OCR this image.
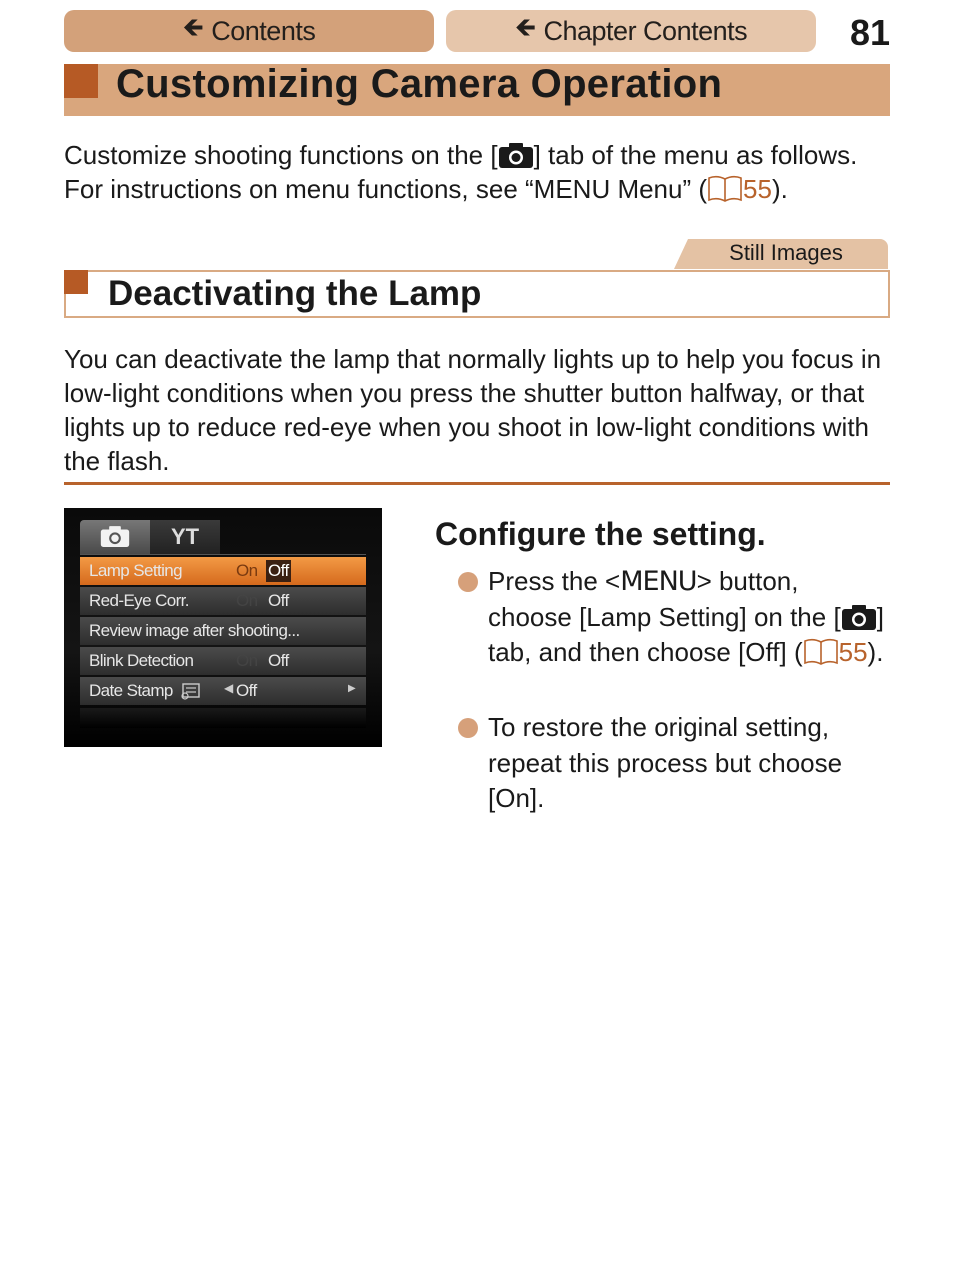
🡸 Contents	🡸 Chapter Contents	81
Customizing Camera Operation
Customize shooting functions on the [ ] tab of the menu as follows.
For instructions on menu functions, see “MENU Menu” ( 55).
Still Images
Deactivating the Lamp
You can deactivate the lamp that normally lights up to help you focus in low-light conditions when you press the shutter button halfway, or that lights up to reduce red-eye when you shoot in low-light conditions with the flash.
YT
Lamp Setting	On Off
Red-Eye Corr.	On Off
Review image after shooting...
Blink Detection	On Off
Date Stamp	◀ Off	▶
Configure the setting.
Press the <MENU> button, choose [Lamp Setting] on the [ ] tab, and then choose [Off] ( 55).
To restore the original setting, repeat this process but choose [On].
